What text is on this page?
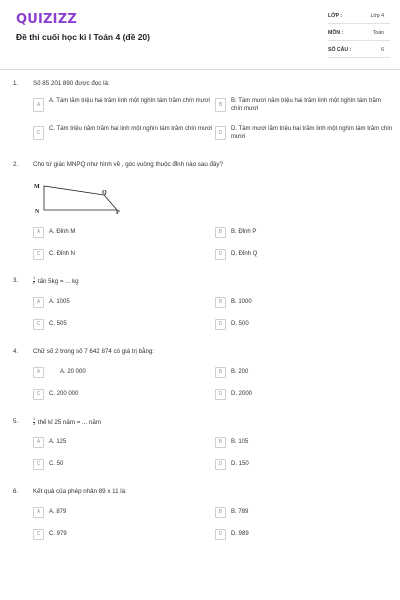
QUIZIZZ
Đề thi cuối học kì I Toán 4 (đề 20)
LỚP :	Lớp 4
MÔN :	Toán
SỐ CÂU :	6
1. Số 85 201 890 được đọc là:
A
A. Tám lăm triệu hai trăm linh một nghìn tám trăm chín mươi
B
B. Tám mươi năm triệu hai trăm linh một nghìn tám trăm chín mươi
C
C. Tám triệu năm trăm hai linh một nghìn tám trăm chín mươi
D
D. Tám mươi lăm triệu hai trăm linh một nghìn tám trăm chín mươi
2. Cho tứ giác MNPQ như hình vẽ , góc vuông thuộc đỉnh nào sau đây?
M
N	P
Q
A	A. Đỉnh M	B	B. Đỉnh P
C	C. Đỉnh N	D	D. Đỉnh Q
3.	$\frac{1}{2}$ tấn 5kg = ... kg
A	A. 1005	B	B. 1000
C	C. 505	D	D. 500
4. Chữ số 2 trong số 7 642 874 có giá trị bằng:
A	A. 20 000	B	B. 200
C	C. 200 000	D	D. 2000
5.	$\frac{1}{2}$ thế kỉ 25 năm = ... năm
A	A. 125	B	B. 105
C	C. 50	D	D. 150
6. Kết quả của phép nhân 89 x 11 là:
A	A. 879	B	B. 789
C	C. 979	D	D. 989
